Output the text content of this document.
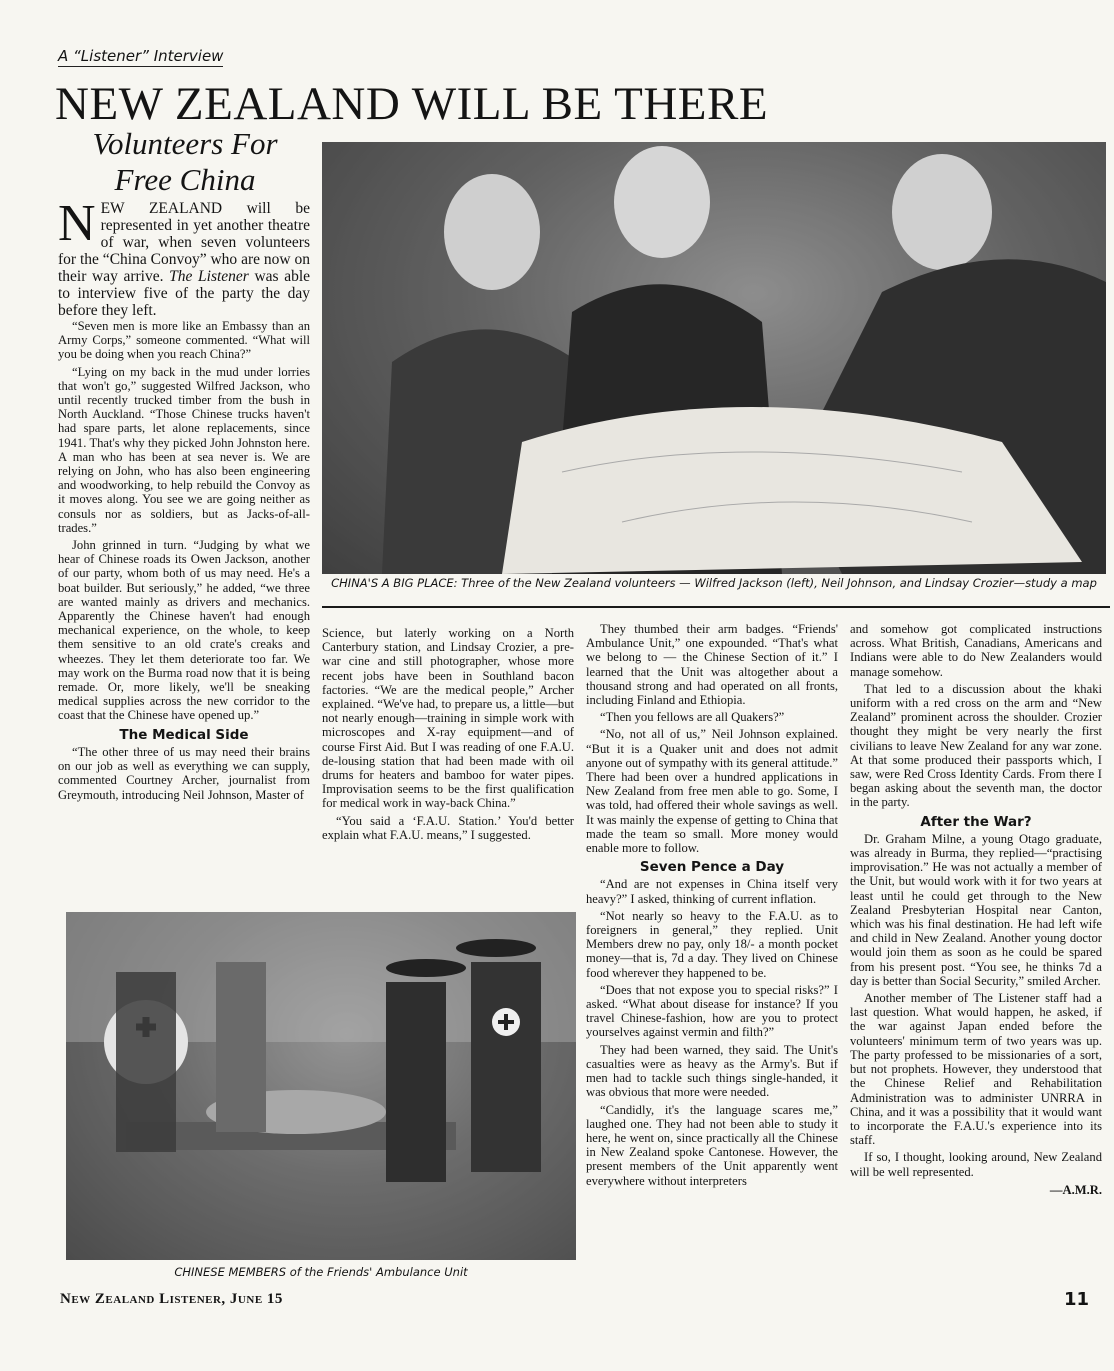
A “Listener” Interview
NEW ZEALAND WILL BE THERE
Volunteers For
Free China
CHINA'S A BIG PLACE: Three of the New Zealand volunteers — Wilfred Jackson (left), Neil Johnson, and Lindsay Crozier—study a map
NEW ZEALAND will be represented in yet another theatre of war, when seven volunteers for the “China Convoy” who are now on their way arrive. The Listener was able to interview five of the party the day before they left.

“Seven men is more like an Embassy than an Army Corps,” someone commented. “What will you be doing when you reach China?”

“Lying on my back in the mud under lorries that won't go,” suggested Wilfred Jackson, who until recently trucked timber from the bush in North Auckland. “Those Chinese trucks haven't had spare parts, let alone replacements, since 1941. That's why they picked John Johnston here. A man who has been at sea never is. We are relying on John, who has also been engineering and woodworking, to help rebuild the Convoy as it moves along. You see we are going neither as consuls nor as soldiers, but as Jacks-of-all-trades.”

John grinned in turn. “Judging by what we hear of Chinese roads its Owen Jackson, another of our party, whom both of us may need. He's a boat builder. But seriously,” he added, “we three are wanted mainly as drivers and mechanics. Apparently the Chinese haven't had enough mechanical experience, on the whole, to keep them sensitive to an old crate's creaks and wheezes. They let them deteriorate too far. We may work on the Burma road now that it is being remade. Or, more likely, we'll be sneaking medical supplies across the new corridor to the coast that the Chinese have opened up.”

The Medical Side

“The other three of us may need their brains on our job as well as everything we can supply, commented Courtney Archer, journalist from Greymouth, introducing Neil Johnson, Master of

Science, but laterly working on a North Canterbury station, and Lindsay Crozier, a pre-war cine and still photographer, whose more recent jobs have been in Southland bacon factories. “We are the medical people,” Archer explained. “We've had, to prepare us, a little—but not nearly enough—training in simple work with microscopes and X-ray equipment—and of course First Aid. But I was reading of one F.A.U. de-lousing station that had been made with oil drums for heaters and bamboo for water pipes. Improvisation seems to be the first qualification for medical work in way-back China.”

“You said a ‘F.A.U. Station.’ You'd better explain what F.A.U. means,” I suggested.

CHINESE MEMBERS of the Friends' Ambulance Unit

They thumbed their arm badges. “Friends' Ambulance Unit,” one expounded. “That's what we belong to — the Chinese Section of it.” I learned that the Unit was altogether about a thousand strong and had operated on all fronts, including Finland and Ethiopia.

“Then you fellows are all Quakers?”

“No, not all of us,” Neil Johnson explained. “But it is a Quaker unit and does not admit anyone out of sympathy with its general attitude.” There had been over a hundred applications in New Zealand from free men able to go. Some, I was told, had offered their whole savings as well. It was mainly the expense of getting to China that made the team so small. More money would enable more to follow.

Seven Pence a Day

“And are not expenses in China itself very heavy?” I asked, thinking of current inflation.

“Not nearly so heavy to the F.A.U. as to foreigners in general,” they replied. Unit Members drew no pay, only 18/- a month pocket money—that is, 7d a day. They lived on Chinese food wherever they happened to be.

“Does that not expose you to special risks?” I asked. “What about disease for instance? If you travel Chinese-fashion, how are you to protect yourselves against vermin and filth?”

They had been warned, they said. The Unit's casualties were as heavy as the Army's. But if men had to tackle such things single-handed, it was obvious that more were needed.

“Candidly, it's the language scares me,” laughed one. They had not been able to study it here, he went on, since practically all the Chinese in New Zealand spoke Cantonese. However, the present members of the Unit apparently went everywhere without interpreters

and somehow got complicated instructions across. What British, Canadians, Americans and Indians were able to do New Zealanders would manage somehow.

That led to a discussion about the khaki uniform with a red cross on the arm and “New Zealand” prominent across the shoulder. Crozier thought they might be very nearly the first civilians to leave New Zealand for any war zone. At that some produced their passports which, I saw, were Red Cross Identity Cards. From there I began asking about the seventh man, the doctor in the party.

After the War?

Dr. Graham Milne, a young Otago graduate, was already in Burma, they replied—“practising improvisation.” He was not actually a member of the Unit, but would work with it for two years at least until he could get through to the New Zealand Presbyterian Hospital near Canton, which was his final destination. He had left wife and child in New Zealand. Another young doctor would join them as soon as he could be spared from his present post. “You see, he thinks 7d a day is better than Social Security,” smiled Archer.

Another member of The Listener staff had a last question. What would happen, he asked, if the war against Japan ended before the volunteers' minimum term of two years was up. The party professed to be missionaries of a sort, but not prophets. However, they understood that the Chinese Relief and Rehabilitation Administration was to administer UNRRA in China, and it was a possibility that it would want to incorporate the F.A.U.'s experience into its staff.

If so, I thought, looking around, New Zealand will be well represented.

—A.M.R.
New Zealand Listener, June 15	11
